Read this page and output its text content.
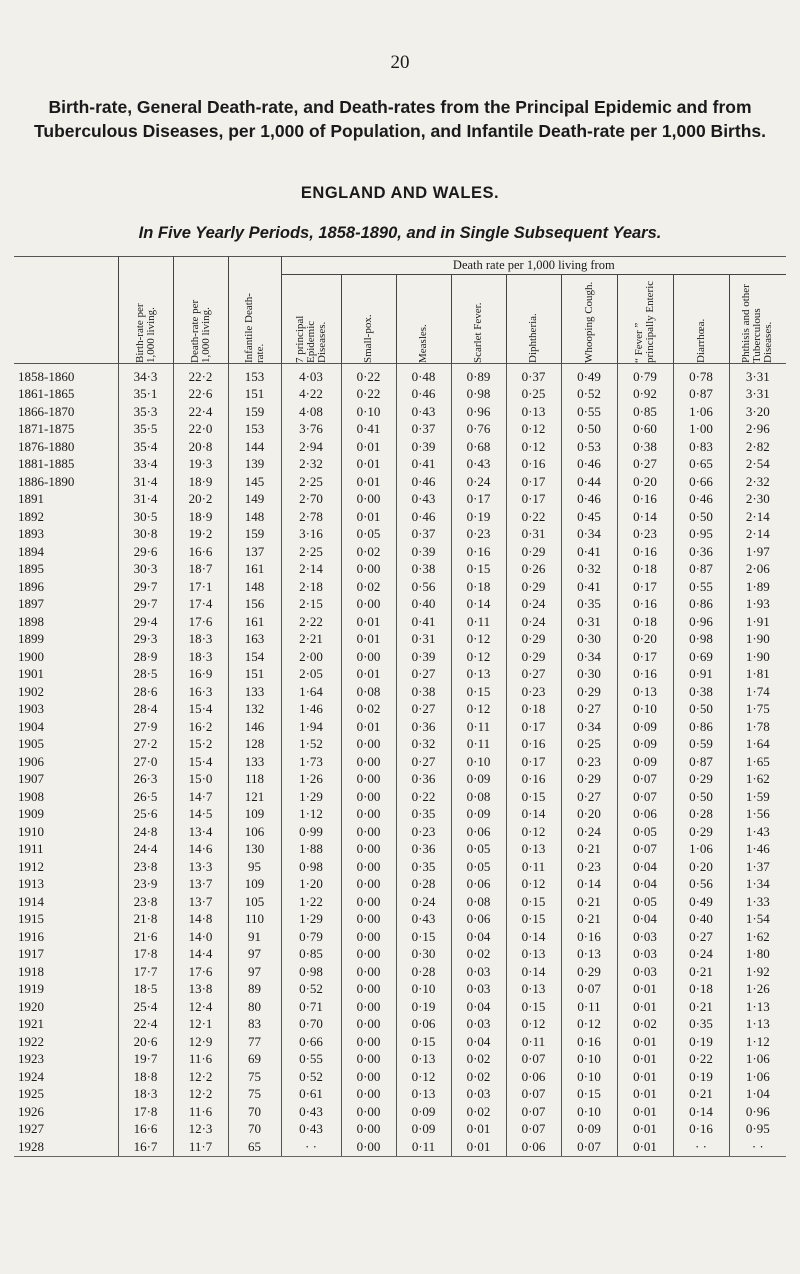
20
Birth-rate, General Death-rate, and Death-rates from the Principal Epidemic and from Tuberculous Diseases, per 1,000 of Population, and Infantile Death-rate per 1,000 Births.
ENGLAND AND WALES.
In Five Yearly Periods, 1858-1890, and in Single Subsequent Years.

	Birth-rate per 1,000 living.	Death-rate per 1,000 living.	Infantile Death-rate.	Death rate per 1,000 living from								

				7 principal Epidemic Diseases.	Small-pox.	Measles.	Scarlet Fever.	Diphtheria.	Whooping Cough.	“ Fever ” principally Enteric	Diarrhœa.	Phthisis and other Tuberculous Diseases.

1858-1860	34·3	22·2	153	4·03	0·22	0·48	0·89	0·37	0·49	0·79	0·78	3·31
1861-1865	35·1	22·6	151	4·22	0·22	0·46	0·98	0·25	0·52	0·92	0·87	3·31
1866-1870	35·3	22·4	159	4·08	0·10	0·43	0·96	0·13	0·55	0·85	1·06	3·20
1871-1875	35·5	22·0	153	3·76	0·41	0·37	0·76	0·12	0·50	0·60	1·00	2·96
1876-1880	35·4	20·8	144	2·94	0·01	0·39	0·68	0·12	0·53	0·38	0·83	2·82
1881-1885	33·4	19·3	139	2·32	0·01	0·41	0·43	0·16	0·46	0·27	0·65	2·54
1886-1890	31·4	18·9	145	2·25	0·01	0·46	0·24	0·17	0·44	0·20	0·66	2·32
1891	31·4	20·2	149	2·70	0·00	0·43	0·17	0·17	0·46	0·16	0·46	2·30
1892	30·5	18·9	148	2·78	0·01	0·46	0·19	0·22	0·45	0·14	0·50	2·14
1893	30·8	19·2	159	3·16	0·05	0·37	0·23	0·31	0·34	0·23	0·95	2·14
1894	29·6	16·6	137	2·25	0·02	0·39	0·16	0·29	0·41	0·16	0·36	1·97
1895	30·3	18·7	161	2·14	0·00	0·38	0·15	0·26	0·32	0·18	0·87	2·06
1896	29·7	17·1	148	2·18	0·02	0·56	0·18	0·29	0·41	0·17	0·55	1·89
1897	29·7	17·4	156	2·15	0·00	0·40	0·14	0·24	0·35	0·16	0·86	1·93
1898	29·4	17·6	161	2·22	0·01	0·41	0·11	0·24	0·31	0·18	0·96	1·91
1899	29·3	18·3	163	2·21	0·01	0·31	0·12	0·29	0·30	0·20	0·98	1·90
1900	28·9	18·3	154	2·00	0·00	0·39	0·12	0·29	0·34	0·17	0·69	1·90
1901	28·5	16·9	151	2·05	0·01	0·27	0·13	0·27	0·30	0·16	0·91	1·81
1902	28·6	16·3	133	1·64	0·08	0·38	0·15	0·23	0·29	0·13	0·38	1·74
1903	28·4	15·4	132	1·46	0·02	0·27	0·12	0·18	0·27	0·10	0·50	1·75
1904	27·9	16·2	146	1·94	0·01	0·36	0·11	0·17	0·34	0·09	0·86	1·78
1905	27·2	15·2	128	1·52	0·00	0·32	0·11	0·16	0·25	0·09	0·59	1·64
1906	27·0	15·4	133	1·73	0·00	0·27	0·10	0·17	0·23	0·09	0·87	1·65
1907	26·3	15·0	118	1·26	0·00	0·36	0·09	0·16	0·29	0·07	0·29	1·62
1908	26·5	14·7	121	1·29	0·00	0·22	0·08	0·15	0·27	0·07	0·50	1·59
1909	25·6	14·5	109	1·12	0·00	0·35	0·09	0·14	0·20	0·06	0·28	1·56
1910	24·8	13·4	106	0·99	0·00	0·23	0·06	0·12	0·24	0·05	0·29	1·43
1911	24·4	14·6	130	1·88	0·00	0·36	0·05	0·13	0·21	0·07	1·06	1·46
1912	23·8	13·3	95	0·98	0·00	0·35	0·05	0·11	0·23	0·04	0·20	1·37
1913	23·9	13·7	109	1·20	0·00	0·28	0·06	0·12	0·14	0·04	0·56	1·34
1914	23·8	13·7	105	1·22	0·00	0·24	0·08	0·15	0·21	0·05	0·49	1·33
1915	21·8	14·8	110	1·29	0·00	0·43	0·06	0·15	0·21	0·04	0·40	1·54
1916	21·6	14·0	91	0·79	0·00	0·15	0·04	0·14	0·16	0·03	0·27	1·62
1917	17·8	14·4	97	0·85	0·00	0·30	0·02	0·13	0·13	0·03	0·24	1·80
1918	17·7	17·6	97	0·98	0·00	0·28	0·03	0·14	0·29	0·03	0·21	1·92
1919	18·5	13·8	89	0·52	0·00	0·10	0·03	0·13	0·07	0·01	0·18	1·26
1920	25·4	12·4	80	0·71	0·00	0·19	0·04	0·15	0·11	0·01	0·21	1·13
1921	22·4	12·1	83	0·70	0·00	0·06	0·03	0·12	0·12	0·02	0·35	1·13
1922	20·6	12·9	77	0·66	0·00	0·15	0·04	0·11	0·16	0·01	0·19	1·12
1923	19·7	11·6	69	0·55	0·00	0·13	0·02	0·07	0·10	0·01	0·22	1·06
1924	18·8	12·2	75	0·52	0·00	0·12	0·02	0·06	0·10	0·01	0·19	1·06
1925	18·3	12·2	75	0·61	0·00	0·13	0·03	0·07	0·15	0·01	0·21	1·04
1926	17·8	11·6	70	0·43	0·00	0·09	0·02	0·07	0·10	0·01	0·14	0·96
1927	16·6	12·3	70	0·43	0·00	0·09	0·01	0·07	0·09	0·01	0·16	0·95
1928	16·7	11·7	65	· ·	0·00	0·11	0·01	0·06	0·07	0·01	· ·	· ·
